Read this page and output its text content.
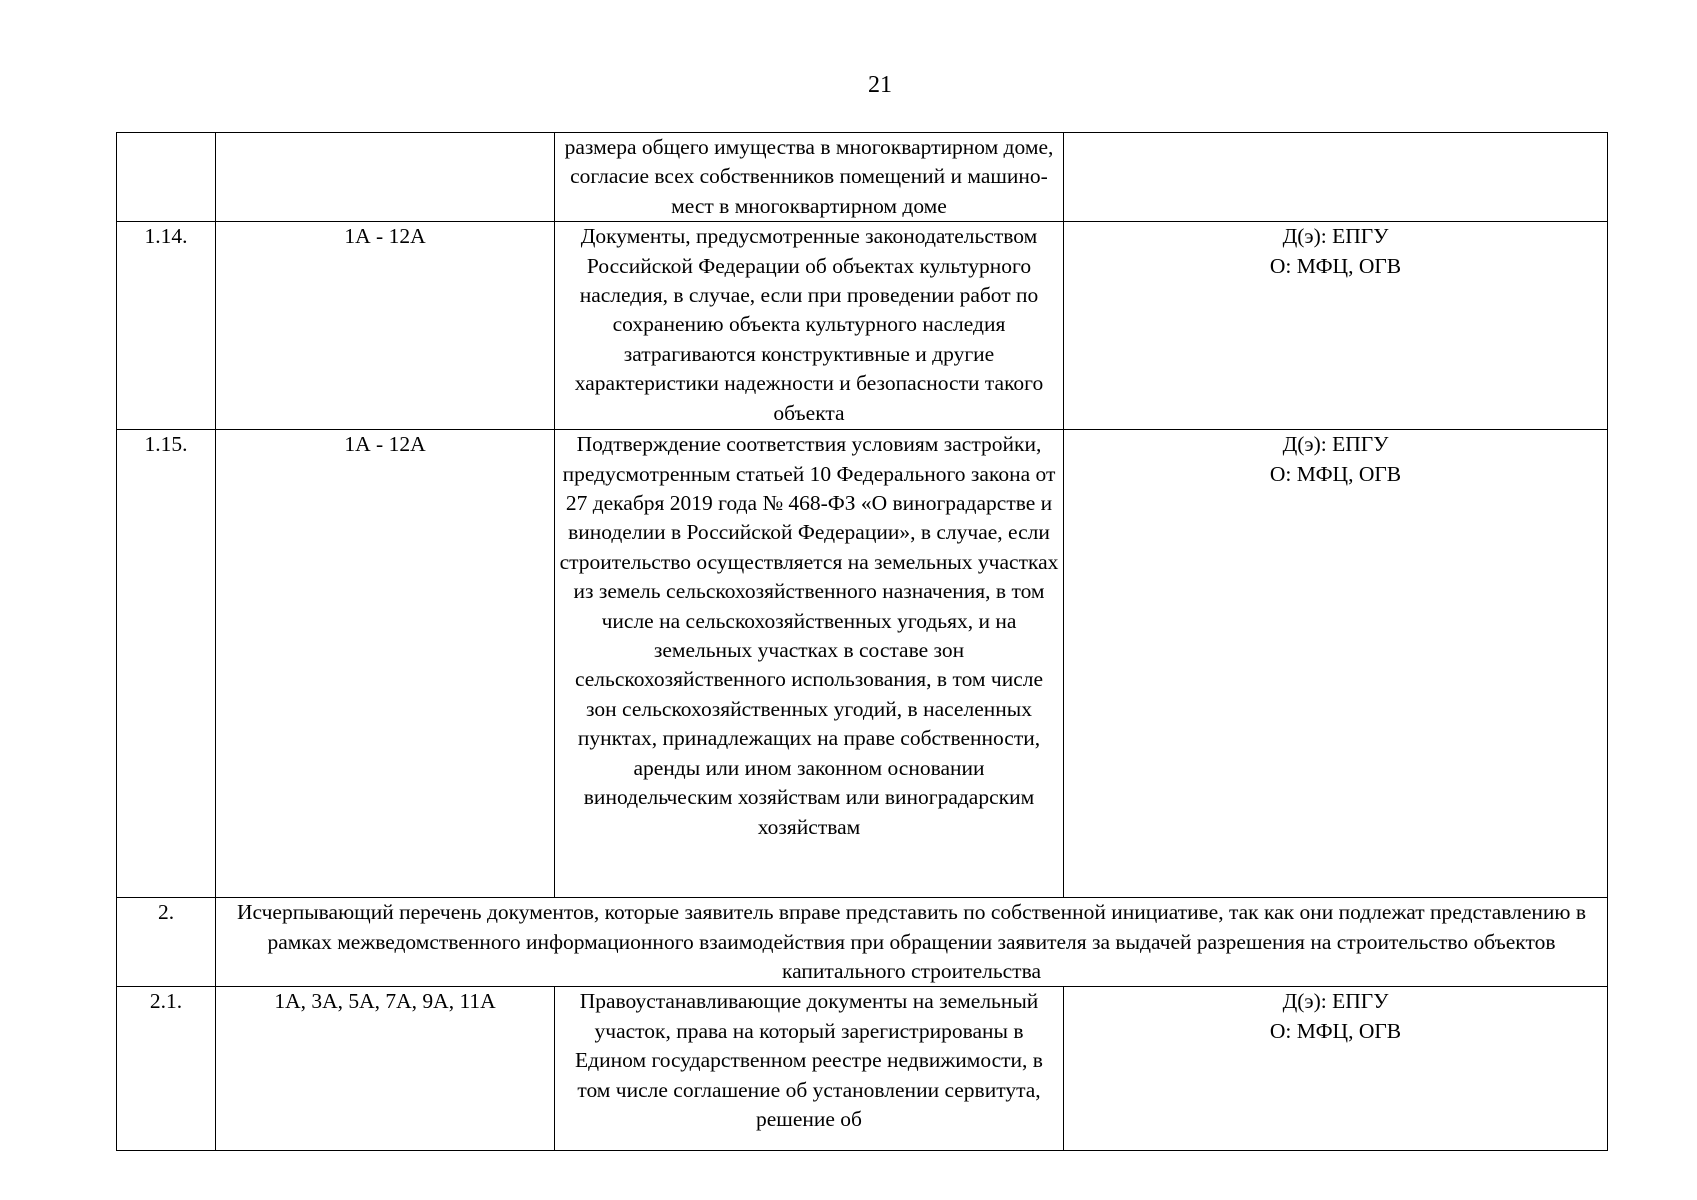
21
		размера общего имущества в многоквартирном доме, согласие всех собственников помещений и машино-мест в многоквартирном доме	
1.14.	1А - 12А	Документы, предусмотренные законодательством Российской Федерации об объектах культурного наследия, в случае, если при проведении работ по сохранению объекта культурного наследия затрагиваются конструктивные и другие характеристики надежности и безопасности такого объекта	Д(э): ЕПГУ
О: МФЦ, ОГВ

1.15.	1А - 12А	Подтверждение соответствия условиям застройки, предусмотренным статьей 10 Федерального закона от 27 декабря 2019 года № 468-ФЗ «О виноградарстве и виноделии в Российской Федерации», в случае, если строительство осуществляется на земельных участках из земель сельскохозяйственного назначения, в том числе на сельскохозяйственных угодьях, и на земельных участках в составе зон сельскохозяйственного использования, в том числе зон сельскохозяйственных угодий, в населенных пунктах, принадлежащих на праве собственности, аренды или ином законном основании винодельческим хозяйствам или виноградарским хозяйствам	Д(э): ЕПГУ
О: МФЦ, ОГВ

2.	Исчерпывающий перечень документов, которые заявитель вправе представить по собственной инициативе, так как они подлежат представлению в рамках межведомственного информационного взаимодействия при обращении заявителя за выдачей разрешения на строительство объектов капитального строительства		
2.1.	1А, 3А, 5А, 7А, 9А, 11А	Правоустанавливающие документы на земельный участок, права на который зарегистрированы в Едином государственном реестре недвижимости, в том числе соглашение об установлении сервитута, решение об	Д(э): ЕПГУ
О: МФЦ, ОГВ
